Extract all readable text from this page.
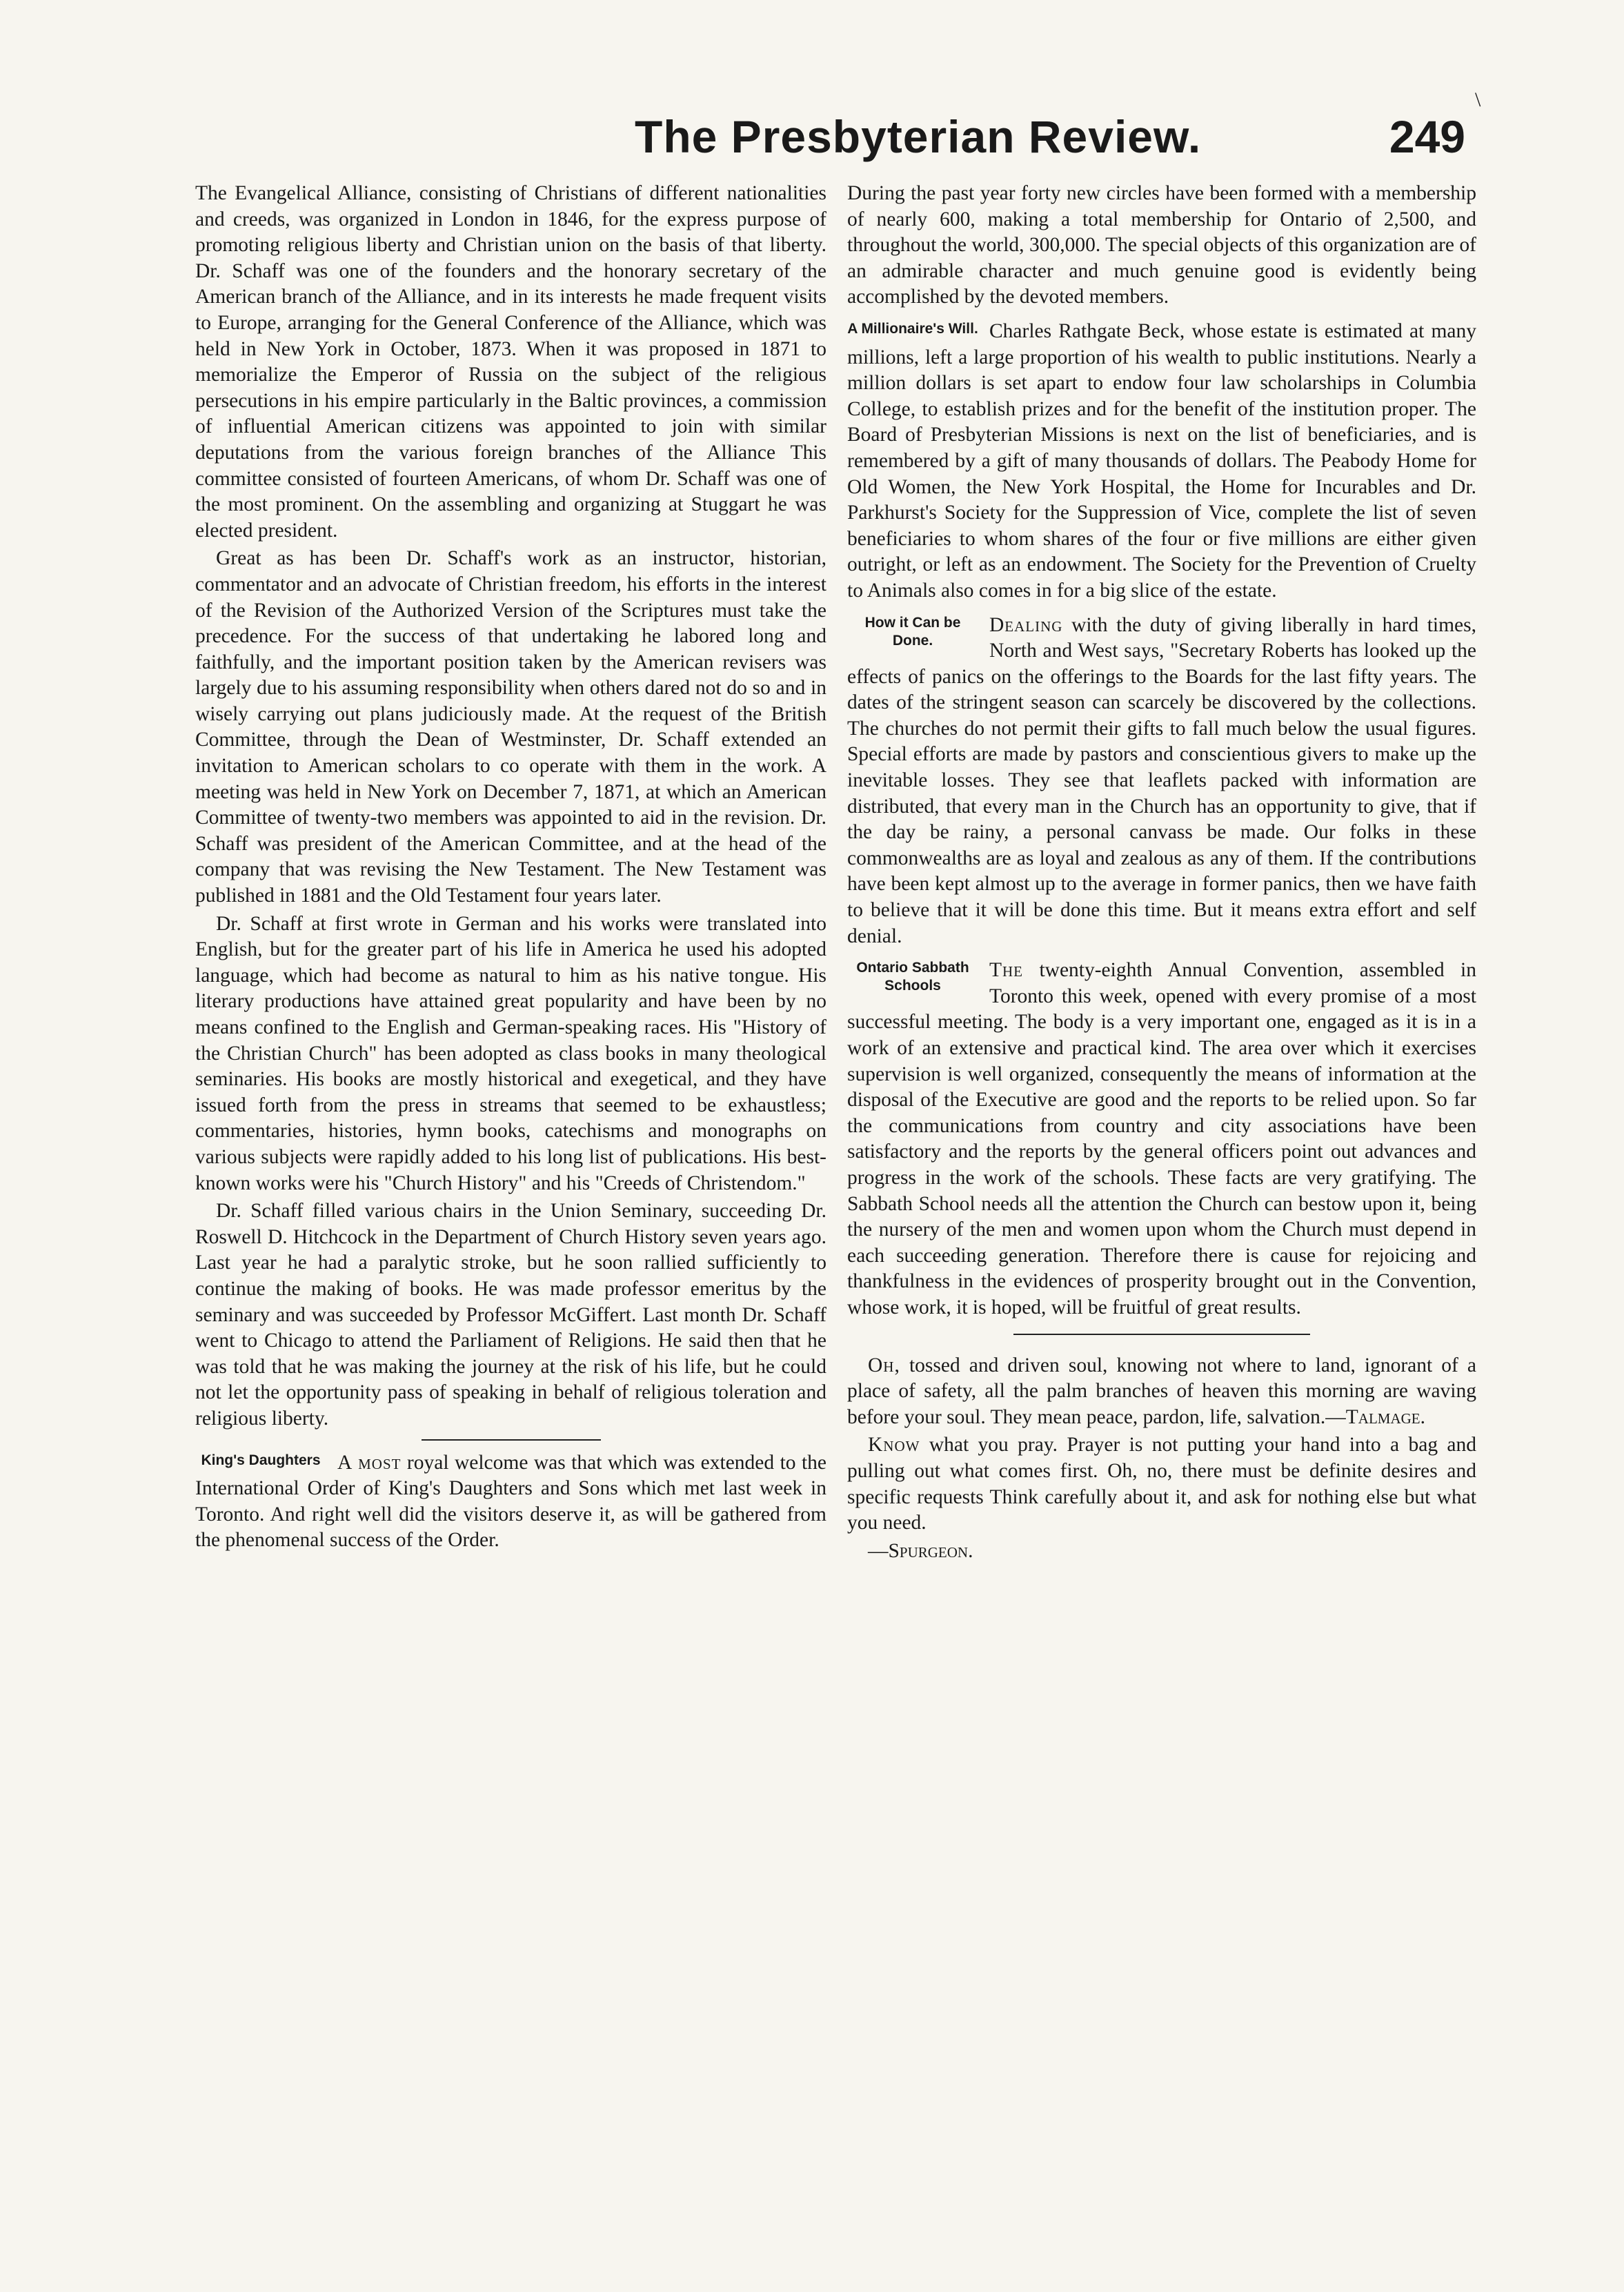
\
The Presbyterian Review.	249

The Evangelical Alliance, consisting of Christians of different nationalities and creeds, was organized in London in 1846, for the express purpose of promoting religious liberty and Christian union on the basis of that liberty. Dr. Schaff was one of the founders and the honorary secretary of the American branch of the Alliance, and in its interests he made frequent visits to Europe, arranging for the General Conference of the Alliance, which was held in New York in October, 1873. When it was proposed in 1871 to memorialize the Emperor of Russia on the subject of the religious persecutions in his empire particularly in the Baltic provinces, a commission of influential American citizens was appointed to join with similar deputations from the various foreign branches of the Alliance This committee consisted of fourteen Americans, of whom Dr. Schaff was one of the most prominent. On the assembling and organizing at Stuggart he was elected president.

Great as has been Dr. Schaff's work as an instructor, historian, commentator and an advocate of Christian freedom, his efforts in the interest of the Revision of the Authorized Version of the Scriptures must take the precedence. For the success of that undertaking he labored long and faithfully, and the important position taken by the American revisers was largely due to his assuming responsibility when others dared not do so and in wisely carrying out plans judiciously made. At the request of the British Committee, through the Dean of Westminster, Dr. Schaff extended an invitation to American scholars to co operate with them in the work. A meeting was held in New York on December 7, 1871, at which an American Committee of twenty-two members was appointed to aid in the revision. Dr. Schaff was president of the American Committee, and at the head of the company that was revising the New Testament. The New Testament was published in 1881 and the Old Testament four years later.

Dr. Schaff at first wrote in German and his works were translated into English, but for the greater part of his life in America he used his adopted language, which had become as natural to him as his native tongue. His literary productions have attained great popularity and have been by no means confined to the English and German-speaking races. His "History of the Christian Church" has been adopted as class books in many theological seminaries. His books are mostly historical and exegetical, and they have issued forth from the press in streams that seemed to be exhaustless; commentaries, histories, hymn books, catechisms and monographs on various subjects were rapidly added to his long list of publications. His best-known works were his "Church History" and his "Creeds of Christendom."

Dr. Schaff filled various chairs in the Union Seminary, succeeding Dr. Roswell D. Hitchcock in the Department of Church History seven years ago. Last year he had a paralytic stroke, but he soon rallied sufficiently to continue the making of books. He was made professor emeritus by the seminary and was succeeded by Professor McGiffert. Last month Dr. Schaff went to Chicago to attend the Parliament of Religions. He said then that he was told that he was making the journey at the risk of his life, but he could not let the opportunity pass of speaking in behalf of religious toleration and religious liberty.

King's Daughters A most royal welcome was that which was extended to the International Order of King's Daughters and Sons which met last week in Toronto. And right well did the visitors deserve it, as will be gathered from the phenomenal success of the Order.

During the past year forty new circles have been formed with a membership of nearly 600, making a total membership for Ontario of 2,500, and throughout the world, 300,000. The special objects of this organization are of an admirable character and much genuine good is evidently being accomplished by the devoted members.

A Millionaire's Will. Charles Rathgate Beck, whose estate is estimated at many millions, left a large proportion of his wealth to public institutions. Nearly a million dollars is set apart to endow four law scholarships in Columbia College, to establish prizes and for the benefit of the institution proper. The Board of Presbyterian Missions is next on the list of beneficiaries, and is remembered by a gift of many thousands of dollars. The Peabody Home for Old Women, the New York Hospital, the Home for Incurables and Dr. Parkhurst's Society for the Suppression of Vice, complete the list of seven beneficiaries to whom shares of the four or five millions are either given outright, or left as an endowment. The Society for the Prevention of Cruelty to Animals also comes in for a big slice of the estate.

How it Can be Done.

Dealing with the duty of giving liberally in hard times, North and West says, "Secretary Roberts has looked up the effects of panics on the offerings to the Boards for the last fifty years. The dates of the stringent season can scarcely be discovered by the collections. The churches do not permit their gifts to fall much below the usual figures. Special efforts are made by pastors and conscientious givers to make up the inevitable losses. They see that leaflets packed with information are distributed, that every man in the Church has an opportunity to give, that if the day be rainy, a personal canvass be made. Our folks in these commonwealths are as loyal and zealous as any of them. If the contributions have been kept almost up to the average in former panics, then we have faith to believe that it will be done this time. But it means extra effort and self denial.

Ontario Sabbath Schools

The twenty-eighth Annual Convention, assembled in Toronto this week, opened with every promise of a most successful meeting. The body is a very important one, engaged as it is in a work of an extensive and practical kind. The area over which it exercises supervision is well organized, consequently the means of information at the disposal of the Executive are good and the reports to be relied upon. So far the communications from country and city associations have been satisfactory and the reports by the general officers point out advances and progress in the work of the schools. These facts are very gratifying. The Sabbath School needs all the attention the Church can bestow upon it, being the nursery of the men and women upon whom the Church must depend in each succeeding generation. Therefore there is cause for rejoicing and thankfulness in the evidences of prosperity brought out in the Convention, whose work, it is hoped, will be fruitful of great results.

Oh, tossed and driven soul, knowing not where to land, ignorant of a place of safety, all the palm branches of heaven this morning are waving before your soul. They mean peace, pardon, life, salvation.—Talmage.

Know what you pray. Prayer is not putting your hand into a bag and pulling out what comes first. Oh, no, there must be definite desires and specific requests Think carefully about it, and ask for nothing else but what you need.

—Spurgeon.
